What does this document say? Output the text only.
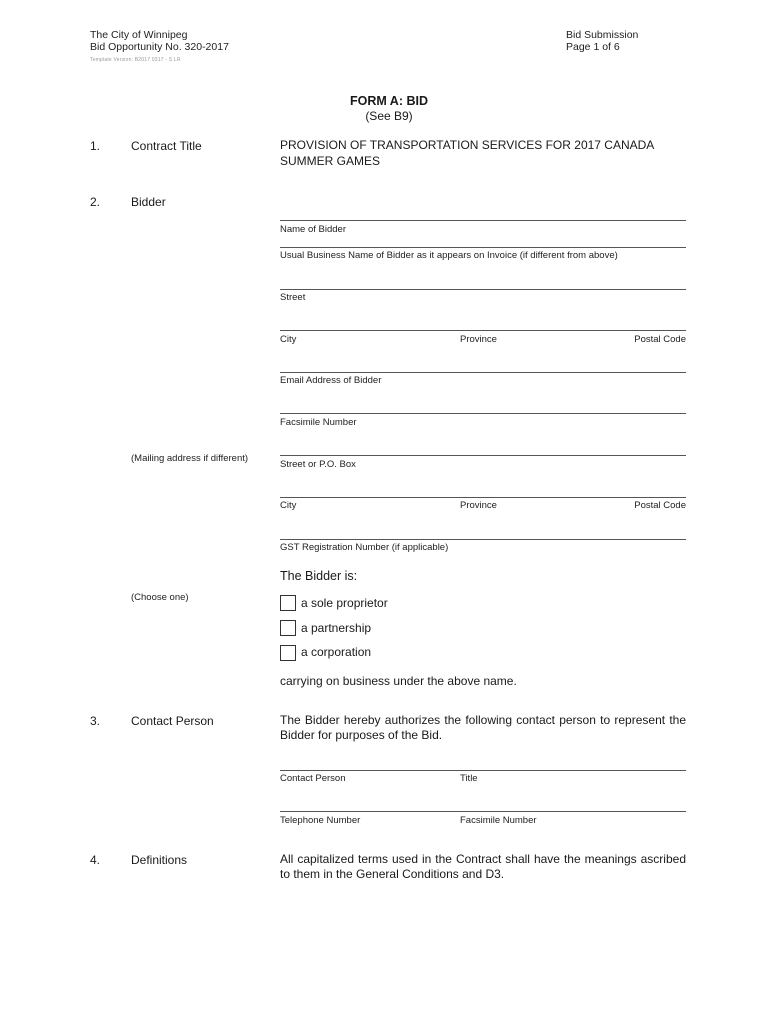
The City of Winnipeg
Bid Opportunity No. 320-2017
Template Version: B2017 0317 - S LR
Bid Submission
Page 1 of 6
FORM A: BID
(See B9)
1.	Contract Title	PROVISION OF TRANSPORTATION SERVICES FOR 2017 CANADA
SUMMER GAMES
2.	Bidder
Name of Bidder
Usual Business Name of Bidder as it appears on Invoice (if different from above)
Street
City	Province	Postal Code
Email Address of Bidder
Facsimile Number
(Mailing address if different)
Street or P.O. Box
City	Province	Postal Code
GST Registration Number (if applicable)
The Bidder is:
(Choose one)	a sole proprietor
a partnership
a corporation
carrying on business under the above name.
3.	Contact Person	The Bidder hereby authorizes the following contact person to represent the Bidder for purposes of the Bid.
Contact Person	Title
Telephone Number	Facsimile Number
4.	Definitions	All capitalized terms used in the Contract shall have the meanings ascribed to them in the General Conditions and D3.
